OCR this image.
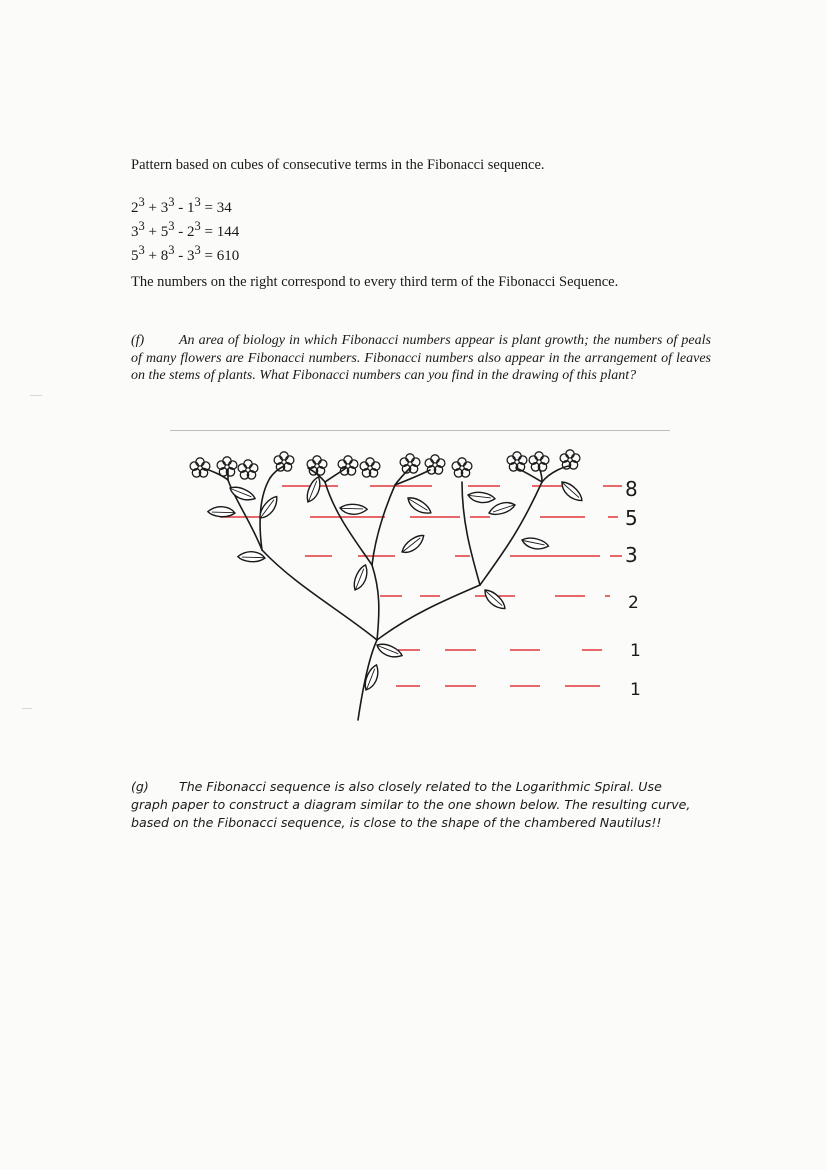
Pattern based on cubes of consecutive terms in the Fibonacci sequence.
$2^3 + 3^3 - 1^3 = 34$
$3^3 + 5^3 - 2^3 = 144$
$5^3 + 8^3 - 3^3 = 610$
The numbers on the right correspond to every third term of the Fibonacci Sequence.
(f) An area of biology in which Fibonacci numbers appear is plant growth; the numbers of peals of many flowers are Fibonacci numbers. Fibonacci numbers also appear in the arrangement of leaves on the stems of plants. What Fibonacci numbers can you find in the drawing of this plant?
8
5
3
2
1
1
(g) The Fibonacci sequence is also closely related to the Logarithmic Spiral. Use graph paper to construct a diagram similar to the one shown below. The resulting curve, based on the Fibonacci sequence, is close to the shape of the chambered Nautilus!!
